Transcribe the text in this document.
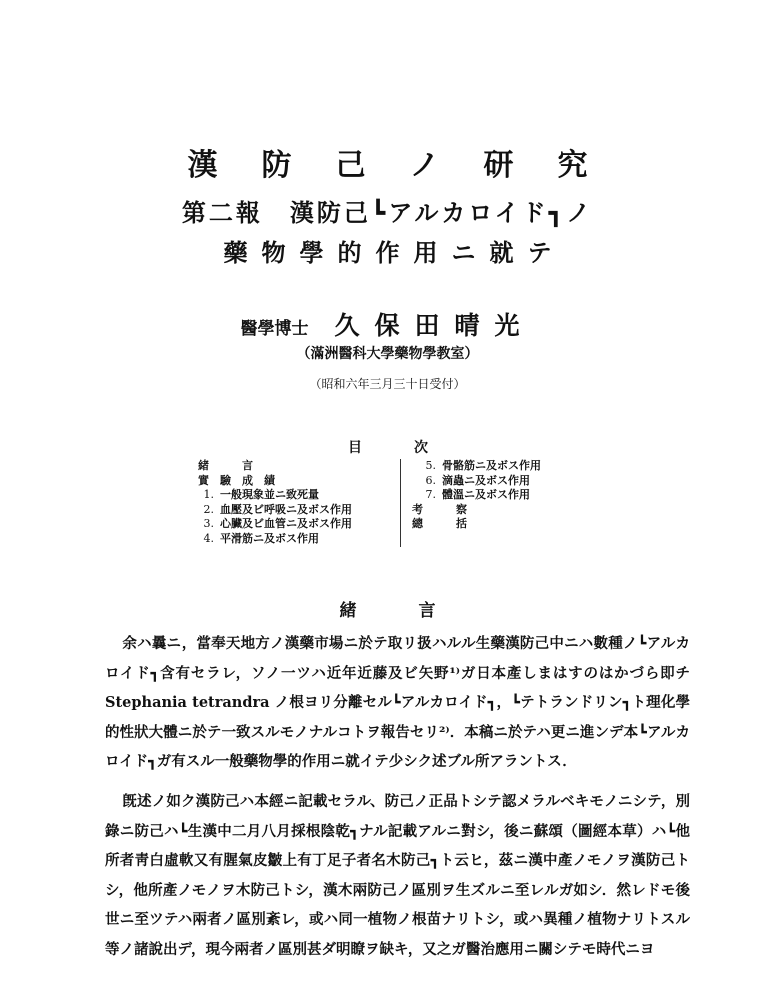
漢防己ノ研究
第二報　漢防己┗アルカロイド┓ノ
藥物學的作用ニ就テ
醫學博士 久保田晴光
（滿洲醫科大學藥物學教室）
（昭和六年三月三十日受付）
目	次
緒　　　言
實　驗　成　績
1. 一般現象並ニ致死量
2. 血壓及ビ呼吸ニ及ボス作用
3. 心臟及ビ血管ニ及ボス作用
4. 平滑筋ニ及ボス作用
5. 骨骼筋ニ及ボス作用
6. 滴蟲ニ及ボス作用
7. 體溫ニ及ボス作用
考　　　察
總　　　括
緒言

余ハ曩ニ，當奉天地方ノ漢藥市場ニ於テ取リ扱ハルル生藥漢防己中ニハ數種ノ┗アルカロイド┓含有セラレ，ソノ一ツハ近年近藤及ビ矢野¹⁾ガ日本產しまはすのはかづら即チStephania tetrandra ノ根ヨリ分離セル┗アルカロイド┓，┗テトランドリン┓ト理化學的性狀大體ニ於テ一致スルモノナルコトヲ報告セリ²⁾．本稿ニ於テハ更ニ進ンデ本┗アルカロイド┓ガ有スル一般藥物學的作用ニ就イテ少シク述ブル所アラントス．

旣述ノ如ク漢防己ハ本經ニ記載セラル、防己ノ正品トシテ認メラルベキモノニシテ，別錄ニ防己ハ┗生漢中二月八月採根陰乾┓ナル記載アルニ對シ，後ニ蘇頌（圖經本草）ハ┗他所者靑白虛軟又有腥氣皮皺上有丁足子者名木防己┓ト云ヒ，茲ニ漢中產ノモノヲ漢防己トシ，他所產ノモノヲ木防己トシ，漢木兩防己ノ區別ヲ生ズルニ至レルガ如シ．然レドモ後世ニ至ツテハ兩者ノ區別紊レ，或ハ同一植物ノ根苗ナリトシ，或ハ異種ノ植物ナリトスル等ノ諸說出デ，現今兩者ノ區別甚ダ明瞭ヲ缺キ，又之ガ醫治應用ニ關シテモ時代ニヨ
